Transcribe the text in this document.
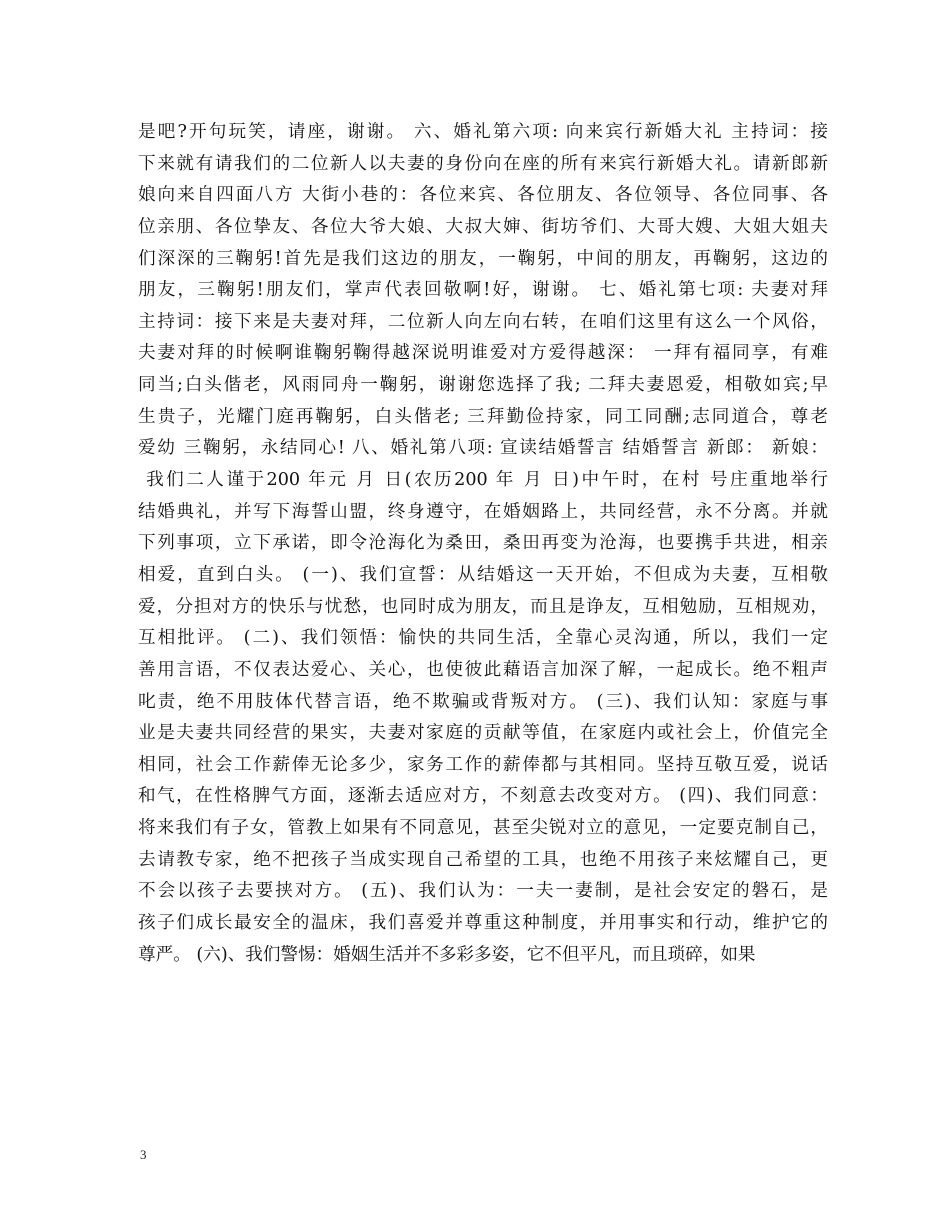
是吧?开句玩笑，请座，谢谢。 六、婚礼第六项: 向来宾行新婚大礼 主持词：接
下来就有请我们的二位新人以夫妻的身份向在座的所有来宾行新婚大礼。请新郎新
娘向来自四面八方 大街小巷的：各位来宾、各位朋友、各位领导、各位同事、各
位亲朋、各位挚友、各位大爷大娘、大叔大婶、街坊爷们、大哥大嫂、大姐大姐夫
们深深的三鞠躬!首先是我们这边的朋友，一鞠躬，中间的朋友，再鞠躬，这边的
朋友，三鞠躬!朋友们，掌声代表回敬啊!好，谢谢。 七、婚礼第七项: 夫妻对拜
主持词：接下来是夫妻对拜，二位新人向左向右转，在咱们这里有这么一个风俗，
夫妻对拜的时候啊谁鞠躬鞠得越深说明谁爱对方爱得越深： 一拜有福同享，有难
同当;白头偕老，风雨同舟一鞠躬，谢谢您选择了我; 二拜夫妻恩爱，相敬如宾;早
生贵子，光耀门庭再鞠躬，白头偕老; 三拜勤俭持家，同工同酬;志同道合，尊老
爱幼 三鞠躬，永结同心! 八、婚礼第八项: 宣读结婚誓言 结婚誓言 新郎： 新娘：
我们二人谨于200 年元 月 日(农历200 年 月 日)中午时，在村 号庄重地举行
结婚典礼，并写下海誓山盟，终身遵守，在婚姻路上，共同经营，永不分离。并就
下列事项，立下承诺，即令沧海化为桑田，桑田再变为沧海，也要携手共进，相亲
相爱，直到白头。 (一)、我们宣誓：从结婚这一天开始，不但成为夫妻，互相敬
爱，分担对方的快乐与忧愁，也同时成为朋友，而且是诤友，互相勉励，互相规劝，
互相批评。 (二)、我们领悟：愉快的共同生活，全靠心灵沟通，所以，我们一定
善用言语，不仅表达爱心、关心，也使彼此藉语言加深了解，一起成长。绝不粗声
叱责，绝不用肢体代替言语，绝不欺骗或背叛对方。 (三)、我们认知：家庭与事
业是夫妻共同经营的果实，夫妻对家庭的贡献等值，在家庭内或社会上，价值完全
相同，社会工作薪俸无论多少，家务工作的薪俸都与其相同。坚持互敬互爱，说话
和气，在性格脾气方面，逐渐去适应对方，不刻意去改变对方。 (四)、我们同意：
将来我们有子女，管教上如果有不同意见，甚至尖锐对立的意见，一定要克制自己，
去请教专家，绝不把孩子当成实现自己希望的工具，也绝不用孩子来炫耀自己，更
不会以孩子去要挟对方。 (五)、我们认为：一夫一妻制，是社会安定的磐石，是
孩子们成长最安全的温床，我们喜爱并尊重这种制度，并用事实和行动，维护它的
尊严。 (六)、我们警惕：婚姻生活并不多彩多姿，它不但平凡，而且琐碎，如果
3
